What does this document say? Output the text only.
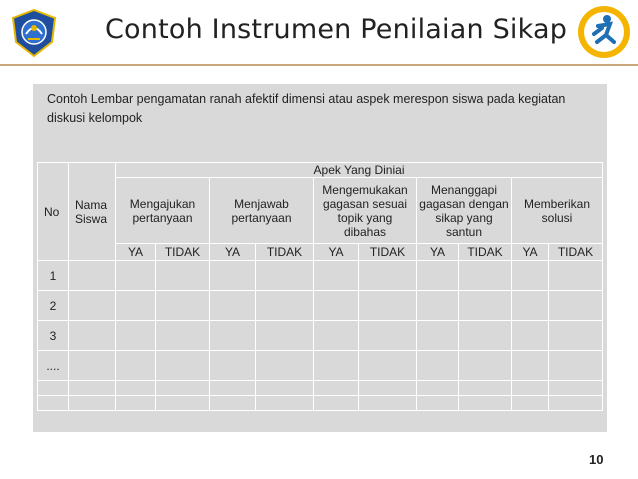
Contoh Instrumen Penilaian Sikap
Contoh Lembar pengamatan ranah afektif dimensi atau aspek merespon siswa pada kegiatan diskusi kelompok
No	Nama Siswa	Apek Yang Diniai									
		Mengajukan pertanyaan		Menjawab pertanyaan		Mengemukakan gagasan sesuai topik yang dibahas		Menanggapi gagasan dengan sikap yang santun		Memberikan solusi	
		YA	TIDAK	YA	TIDAK	YA	TIDAK	YA	TIDAK	YA	TIDAK
1											
2											
3											
....											

10
